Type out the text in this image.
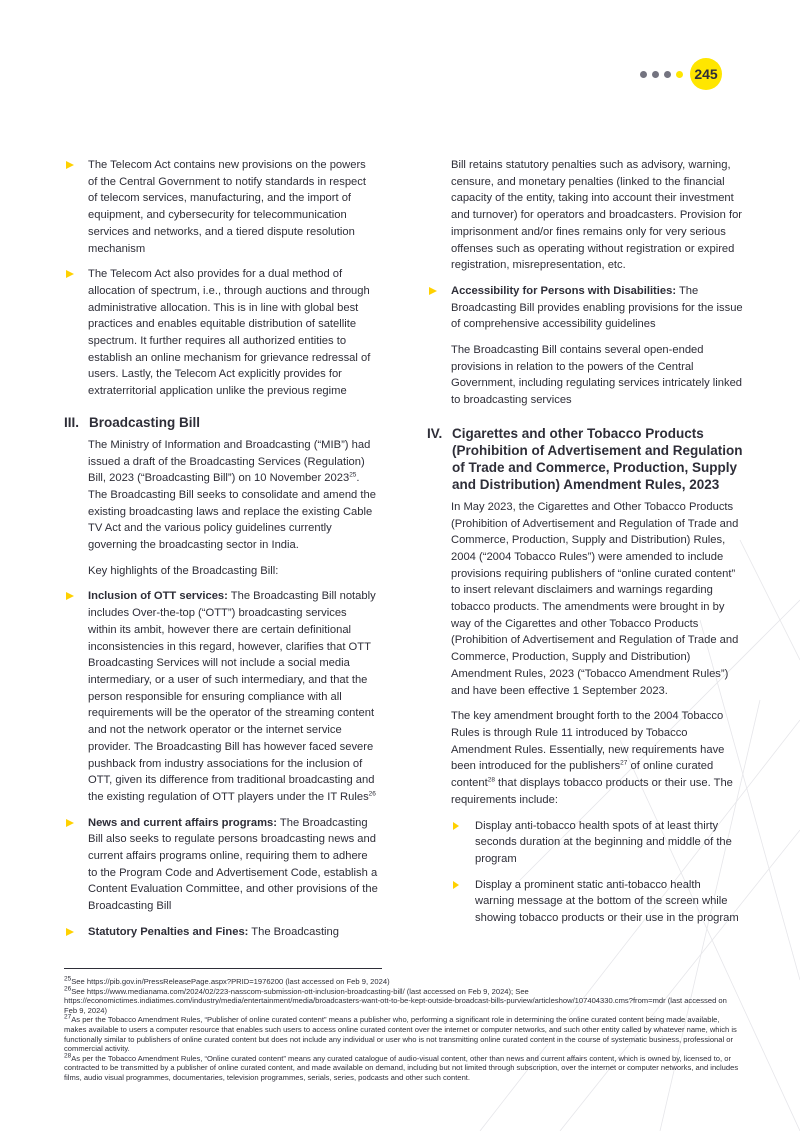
245
The Telecom Act contains new provisions on the powers of the Central Government to notify standards in respect of telecom services, manufacturing, and the import of equipment, and cybersecurity for telecommunication services and networks, and a tiered dispute resolution mechanism
The Telecom Act also provides for a dual method of allocation of spectrum, i.e., through auctions and through administrative allocation. This is in line with global best practices and enables equitable distribution of satellite spectrum. It further requires all authorized entities to establish an online mechanism for grievance redressal of users. Lastly, the Telecom Act explicitly provides for extraterritorial application unlike the previous regime
III. Broadcasting Bill

The Ministry of Information and Broadcasting (“MIB”) had issued a draft of the Broadcasting Services (Regulation) Bill, 2023 (“Broadcasting Bill”) on 10 November 2023$^{25}$. The Broadcasting Bill seeks to consolidate and amend the existing broadcasting laws and replace the existing Cable TV Act and the various policy guidelines currently governing the broadcasting sector in India.

Key highlights of the Broadcasting Bill:

Inclusion of OTT services: The Broadcasting Bill notably includes Over-the-top (“OTT”) broadcasting services within its ambit, however there are certain definitional inconsistencies in this regard, however, clarifies that OTT Broadcasting Services will not include a social media intermediary, or a user of such intermediary, and that the person responsible for ensuring compliance with all requirements will be the operator of the streaming content and not the network operator or the internet service provider. The Broadcasting Bill has however faced severe pushback from industry associations for the inclusion of OTT, given its difference from traditional broadcasting and the existing regulation of OTT players under the IT Rules$^{26}$
News and current affairs programs: The Broadcasting Bill also seeks to regulate persons broadcasting news and current affairs programs online, requiring them to adhere to the Program Code and Advertisement Code, establish a Content Evaluation Committee, and other provisions of the Broadcasting Bill
Statutory Penalties and Fines: The Broadcasting

Bill retains statutory penalties such as advisory, warning, censure, and monetary penalties (linked to the financial capacity of the entity, taking into account their investment and turnover) for operators and broadcasters. Provision for imprisonment and/or fines remains only for very serious offenses such as operating without registration or expired registration, misrepresentation, etc.

Accessibility for Persons with Disabilities: The Broadcasting Bill provides enabling provisions for the issue of comprehensive accessibility guidelines

The Broadcasting Bill contains several open-ended provisions in relation to the powers of the Central Government, including regulating services intricately linked to broadcasting services

IV. Cigarettes and other Tobacco Products (Prohibition of Advertisement and Regulation of Trade and Commerce, Production, Supply and Distribution) Amendment Rules, 2023

In May 2023, the Cigarettes and Other Tobacco Products (Prohibition of Advertisement and Regulation of Trade and Commerce, Production, Supply and Distribution) Rules, 2004 (“2004 Tobacco Rules”) were amended to include provisions requiring publishers of “online curated content” to insert relevant disclaimers and warnings regarding tobacco products. The amendments were brought in by way of the Cigarettes and other Tobacco Products (Prohibition of Advertisement and Regulation of Trade and Commerce, Production, Supply and Distribution) Amendment Rules, 2023 (“Tobacco Amendment Rules”) and have been effective 1 September 2023.

The key amendment brought forth to the 2004 Tobacco Rules is through Rule 11 introduced by Tobacco Amendment Rules. Essentially, new requirements have been introduced for the publishers$^{27}$ of online curated content$^{28}$ that displays tobacco products or their use. The requirements include:

Display anti-tobacco health spots of at least thirty seconds duration at the beginning and middle of the program
Display a prominent static anti-tobacco health warning message at the bottom of the screen while showing tobacco products or their use in the program

$^{25}$See https://pib.gov.in/PressReleasePage.aspx?PRID=1976200 (last accessed on Feb 9, 2024)

$^{26}$See https://www.medianama.com/2024/02/223-nasscom-submission-ott-inclusion-broadcasting-bill/ (last accessed on Feb 9, 2024); See https://economictimes.indiatimes.com/industry/media/entertainment/media/broadcasters-want-ott-to-be-kept-outside-broadcast-bills-purview/articleshow/107404330.cms?from=mdr (last accessed on Feb 9, 2024)

$^{27}$As per the Tobacco Amendment Rules, “Publisher of online curated content” means a publisher who, performing a significant role in determining the online curated content being made available, makes available to users a computer resource that enables such users to access online curated content over the internet or computer networks, and such other entity called by whatever name, which is functionally similar to publishers of online curated content but does not include any individual or user who is not transmitting online curated content in the course of systematic business, professional or commercial activity.

$^{28}$As per the Tobacco Amendment Rules, “Online curated content” means any curated catalogue of audio-visual content, other than news and current affairs content, which is owned by, licensed to, or contracted to be transmitted by a publisher of online curated content, and made available on demand, including but not limited through subscription, over the internet or computer networks, and includes films, audio visual programmes, documentaries, television programmes, serials, series, podcasts and other such content.
